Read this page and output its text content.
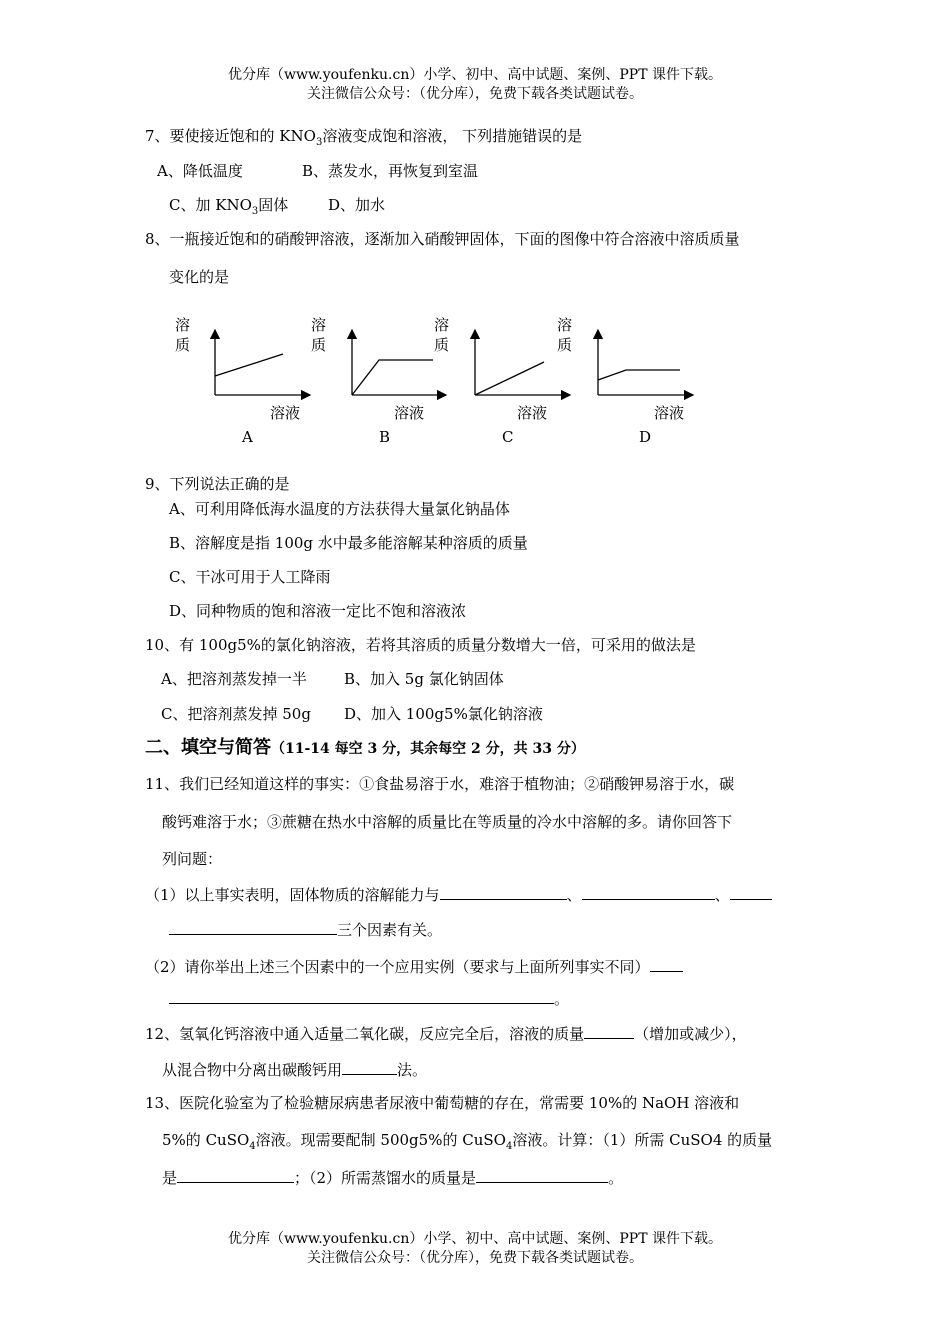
优分库（www.youfenku.cn）小学、初中、高中试题、案例、PPT 课件下载。
关注微信公众号：（优分库），免费下载各类试题试卷。
7、要使接近饱和的 $KNO_3$溶液变成饱和溶液， 下列措施错误的是
A、降低温度	B、蒸发水，再恢复到室温
C、加 $KNO_3$固体	D、加水
8、一瓶接近饱和的硝酸钾溶液，逐渐加入硝酸钾固体，下面的图像中符合溶液中溶质质量
变化的是
溶
质
溶液
A
溶
质
溶液
B
溶
质
溶液
C
溶
质
溶液
D
9、下列说法正确的是
A、可利用降低海水温度的方法获得大量氯化钠晶体
B、溶解度是指 100g 水中最多能溶解某种溶质的质量
C、干冰可用于人工降雨
D、同种物质的饱和溶液一定比不饱和溶液浓
10、有 100g5%的氯化钠溶液，若将其溶质的质量分数增大一倍，可采用的做法是
A、把溶剂蒸发掉一半 B、加入 5g 氯化钠固体
C、把溶剂蒸发掉 50g D、加入 100g5%氯化钠溶液
二、填空与简答（11-14 每空 3 分，其余每空 2 分，共 33 分）
11、我们已经知道这样的事实：①食盐易溶于水，难溶于植物油；②硝酸钾易溶于水，碳
酸钙难溶于水；③蔗糖在热水中溶解的质量比在等质量的冷水中溶解的多。请你回答下
列问题：
（1）以上事实表明，固体物质的溶解能力与	、	、
三个因素有关。
（2）请你举出上述三个因素中的一个应用实例（要求与上面所列事实不同）
。
12、氢氧化钙溶液中通入适量二氧化碳，反应完全后，溶液的质量	（增加或减少），
从混合物中分离出碳酸钙用	法。
13、医院化验室为了检验糖尿病患者尿液中葡萄糖的存在，常需要 10%的 NaOH 溶液和
5%的 CuSO$_4$溶液。现需要配制 500g5%的 CuSO$_4$溶液。计算：（1）所需 CuSO4 的质量
是	；（2）所需蒸馏水的质量是	。
优分库（www.youfenku.cn）小学、初中、高中试题、案例、PPT 课件下载。
关注微信公众号：（优分库），免费下载各类试题试卷。
